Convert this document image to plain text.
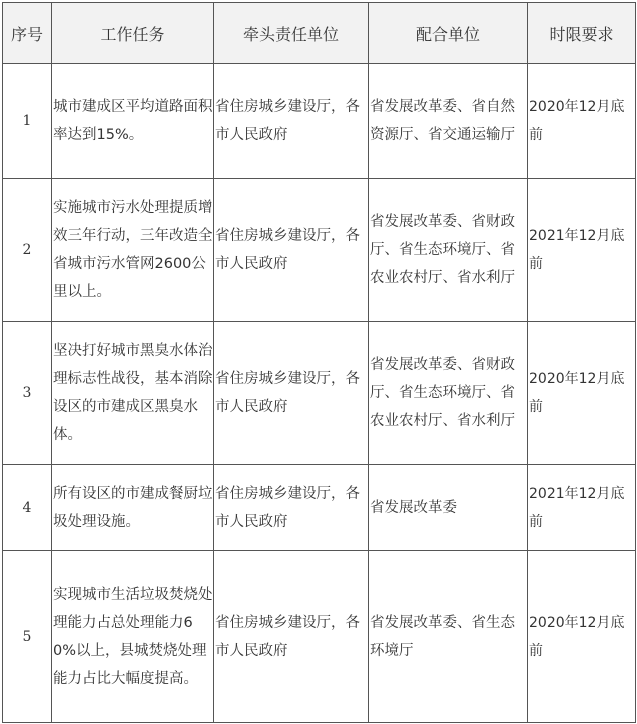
序号	工作任务	牵头责任单位	配合单位	时限要求
1	城市建成区平均道路面积率达到15%。	省住房城乡建设厅，各市人民政府	省发展改革委、省自然资源厅、省交通运输厅	2020年12月底前
2	实施城市污水处理提质增效三年行动，三年改造全省城市污水管网2600公里以上。	省住房城乡建设厅，各市人民政府	省发展改革委、省财政厅、省生态环境厅、省农业农村厅、省水利厅	2021年12月底前
3	坚决打好城市黑臭水体治理标志性战役，基本消除设区的市建成区黑臭水体。	省住房城乡建设厅，各市人民政府	省发展改革委、省财政厅、省生态环境厅、省农业农村厅、省水利厅	2020年12月底前
4	所有设区的市建成餐厨垃圾处理设施。	省住房城乡建设厅，各市人民政府	省发展改革委	2021年12月底前
5	实现城市生活垃圾焚烧处理能力占总处理能力60%以上，县城焚烧处理能力占比大幅度提高。	省住房城乡建设厅，各市人民政府	省发展改革委、省生态环境厅	2020年12月底前
